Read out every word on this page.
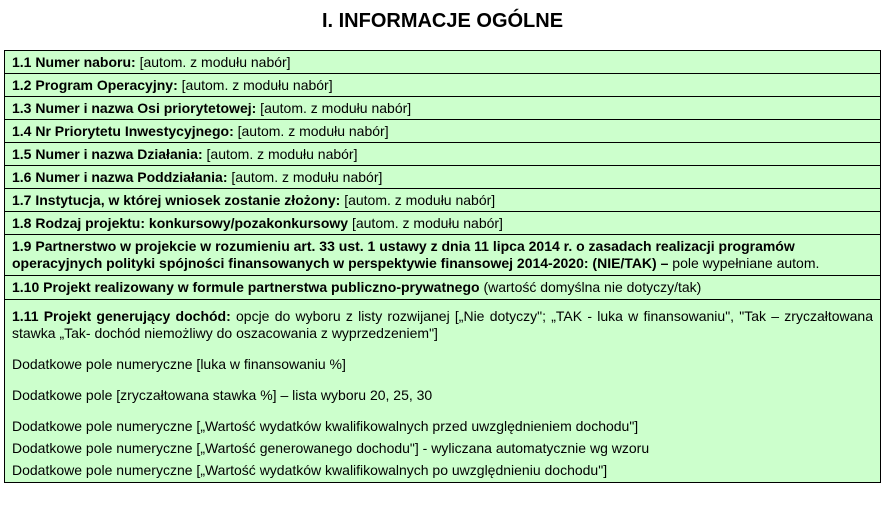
I. INFORMACJE OGÓLNE
1.1 Numer naboru: [autom. z modułu nabór]
1.2 Program Operacyjny: [autom. z modułu nabór]
1.3 Numer i nazwa Osi priorytetowej: [autom. z modułu nabór]
1.4 Nr Priorytetu Inwestycyjnego: [autom. z modułu nabór]
1.5 Numer i nazwa Działania: [autom. z modułu nabór]
1.6 Numer i nazwa Poddziałania: [autom. z modułu nabór]
1.7 Instytucja, w której wniosek zostanie złożony: [autom. z modułu nabór]
1.8 Rodzaj projektu: konkursowy/pozakonkursowy [autom. z modułu nabór]
1.9 Partnerstwo w projekcie w rozumieniu art. 33 ust. 1 ustawy z dnia 11 lipca 2014 r. o zasadach realizacji programów operacyjnych polityki spójności finansowanych w perspektywie finansowej 2014-2020: (NIE/TAK) – pole wypełniane autom.
1.10 Projekt realizowany w formule partnerstwa publiczno-prywatnego (wartość domyślna nie dotyczy/tak)

1.11 Projekt generujący dochód: opcje do wyboru z listy rozwijanej [„Nie dotyczy"; „TAK - luka w finansowaniu", "Tak – zryczałtowana stawka „Tak- dochód niemożliwy do oszacowania z wyprzedzeniem"]

Dodatkowe pole numeryczne [luka w finansowaniu %]

Dodatkowe pole [zryczałtowana stawka %] – lista wyboru 20, 25, 30

Dodatkowe pole numeryczne [„Wartość wydatków kwalifikowalnych przed uwzględnieniem dochodu"]

Dodatkowe pole numeryczne [„Wartość generowanego dochodu"] - wyliczana automatycznie wg wzoru

Dodatkowe pole numeryczne [„Wartość wydatków kwalifikowalnych po uwzględnieniu dochodu"]
